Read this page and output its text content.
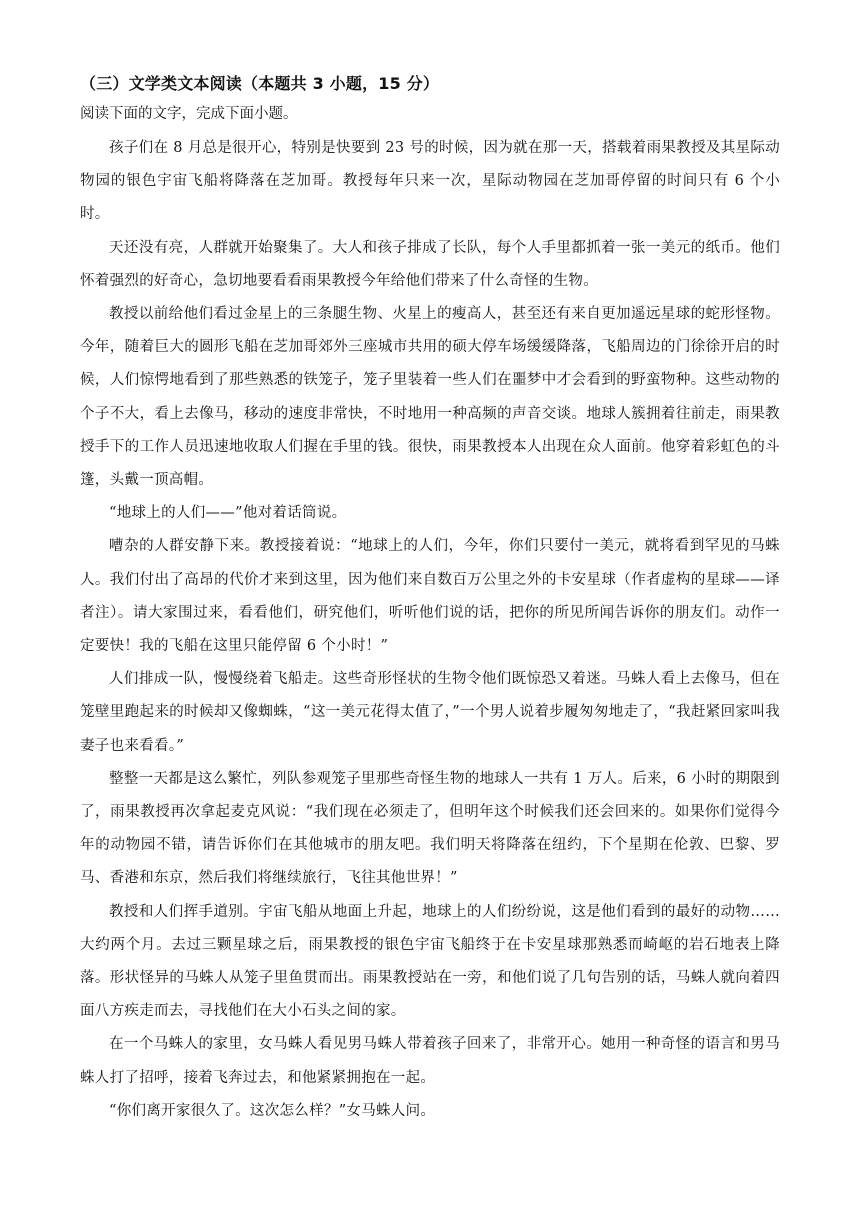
（三）文学类文本阅读（本题共 3 小题，15 分）
阅读下面的文字，完成下面小题。

孩子们在 8 月总是很开心，特别是快要到 23 号的时候，因为就在那一天，搭载着雨果教授及其星际动物园的银色宇宙飞船将降落在芝加哥。教授每年只来一次，星际动物园在芝加哥停留的时间只有 6 个小时。

天还没有亮，人群就开始聚集了。大人和孩子排成了长队，每个人手里都抓着一张一美元的纸币。他们怀着强烈的好奇心，急切地要看看雨果教授今年给他们带来了什么奇怪的生物。

教授以前给他们看过金星上的三条腿生物、火星上的瘦高人，甚至还有来自更加遥远星球的蛇形怪物。今年，随着巨大的圆形飞船在芝加哥郊外三座城市共用的硕大停车场缓缓降落，飞船周边的门徐徐开启的时候，人们惊愕地看到了那些熟悉的铁笼子，笼子里装着一些人们在噩梦中才会看到的野蛮物种。这些动物的个子不大，看上去像马，移动的速度非常快，不时地用一种高频的声音交谈。地球人簇拥着往前走，雨果教授手下的工作人员迅速地收取人们握在手里的钱。很快，雨果教授本人出现在众人面前。他穿着彩虹色的斗篷，头戴一顶高帽。

“地球上的人们——”他对着话筒说。

嘈杂的人群安静下来。教授接着说：“地球上的人们，今年，你们只要付一美元，就将看到罕见的马蛛人。我们付出了高昂的代价才来到这里，因为他们来自数百万公里之外的卡安星球（作者虚构的星球——译者注）。请大家围过来，看看他们，研究他们，听听他们说的话，把你的所见所闻告诉你的朋友们。动作一定要快！我的飞船在这里只能停留 6 个小时！”

人们排成一队，慢慢绕着飞船走。这些奇形怪状的生物令他们既惊恐又着迷。马蛛人看上去像马，但在笼壁里跑起来的时候却又像蜘蛛，“这一美元花得太值了，”一个男人说着步履匆匆地走了，“我赶紧回家叫我妻子也来看看。”

整整一天都是这么繁忙，列队参观笼子里那些奇怪生物的地球人一共有 1 万人。后来，6 小时的期限到了，雨果教授再次拿起麦克风说：“我们现在必须走了，但明年这个时候我们还会回来的。如果你们觉得今年的动物园不错，请告诉你们在其他城市的朋友吧。我们明天将降落在纽约，下个星期在伦敦、巴黎、罗马、香港和东京，然后我们将继续旅行，飞往其他世界！”

教授和人们挥手道别。宇宙飞船从地面上升起，地球上的人们纷纷说，这是他们看到的最好的动物……大约两个月。去过三颗星球之后，雨果教授的银色宇宙飞船终于在卡安星球那熟悉而崎岖的岩石地表上降落。形状怪异的马蛛人从笼子里鱼贯而出。雨果教授站在一旁，和他们说了几句告别的话，马蛛人就向着四面八方疾走而去，寻找他们在大小石头之间的家。

在一个马蛛人的家里，女马蛛人看见男马蛛人带着孩子回来了，非常开心。她用一种奇怪的语言和男马蛛人打了招呼，接着飞奔过去，和他紧紧拥抱在一起。

“你们离开家很久了。这次怎么样？”女马蛛人问。
